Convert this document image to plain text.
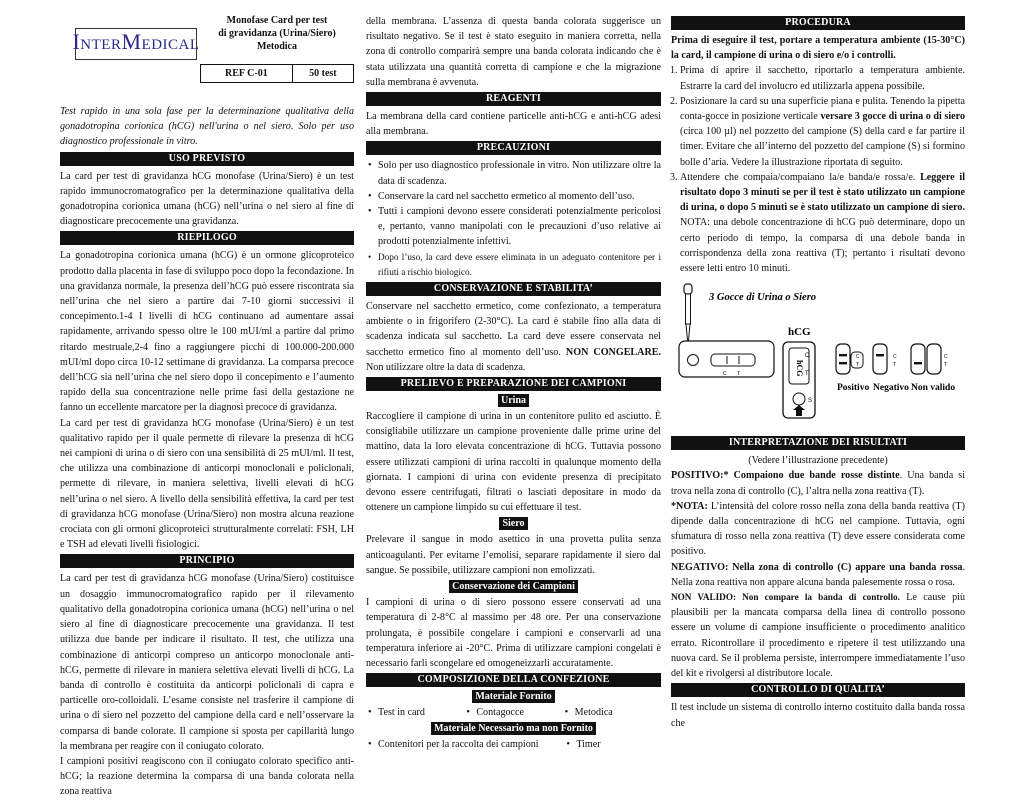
INTERMEDICAL
Monofase Card per test
di gravidanza (Urina/Siero)
Metodica
REF C-01	50 test

Test rapido in una sola fase per la determinazione qualitativa della gonadotropina corionica (hCG) nell'urina o nel siero. Solo per uso diagnostico professionale in vitro.

USO PREVISTO

La card per test di gravidanza hCG monofase (Urina/Siero) è un test rapido immunocromatografico per la determinazione qualitativa della gonadotropina corionica umana (hCG) nell’urina o nel siero al fine di diagnosticare precocemente una gravidanza.

RIEPILOGO

La gonadotropina corionica umana (hCG) è un ormone glicoproteico prodotto dalla placenta in fase di sviluppo poco dopo la fecondazione. In una gravidanza normale, la presenza dell’hCG può essere riscontrata sia nell’urina che nel siero a partire dai 7-10 giorni successivi il concepimento.1-4 I livelli di hCG continuano ad aumentare assai rapidamente, arrivando spesso oltre le 100 mUI/ml a partire dal primo ritardo mestruale,2-4 fino a raggiungere picchi di 100.000-200.000 mUI/ml dopo circa 10-12 settimane di gravidanza. La comparsa precoce dell’hCG sia nell’urina che nel siero dopo il concepimento e l’aumento rapido della sua concentrazione nelle prime fasi della gestazione ne fanno un eccellente marcatore per la diagnosi precoce di gravidanza.

La card per test di gravidanza hCG monofase (Urina/Siero) è un test qualitativo rapido per il quale permette di rilevare la presenza di hCG nei campioni di urina o di siero con una sensibilità di 25 mUI/ml. Il test, che utilizza una combinazione di anticorpi monoclonali e policlonali, permette di rilevare, in maniera selettiva, livelli elevati di hCG nell’urina o nel siero. A livello della sensibilità effettiva, la card per test di gravidanza hCG monofase (Urina/Siero) non mostra alcuna reazione crociata con gli ormoni glicoproteici strutturalmente correlati: FSH, LH e TSH ad elevati livelli fisiologici.

PRINCIPIO

La card per test di gravidanza hCG monofase (Urina/Siero) costituisce un dosaggio immunocromatografico rapido per il rilevamento qualitativo della gonadotropina corionica umana (hCG) nell’urina o nel siero al fine di diagnosticare precocemente una gravidanza. Il test utilizza due bande per indicare il risultato. Il test, che utilizza una combinazione di anticorpi compreso un anticorpo monoclonale anti-hCG, permette di rilevare in maniera selettiva elevati livelli di hCG. La banda di controllo è costituita da anticorpi policlonali di capra e particelle oro-colloidali. L’esame consiste nel trasferire il campione di urina o di siero nel pozzetto del campione della card e nell’osservare la comparsa di bande colorate. Il campione si sposta per capillarità lungo la membrana per reagire con il coniugato colorato.

I campioni positivi reagiscono con il coniugato colorato specifico anti-hCG; la reazione determina la comparsa di una banda colorata nella zona reattiva

della membrana. L’assenza di questa banda colorata suggerisce un risultato negativo. Se il test è stato eseguito in maniera corretta, nella zona di controllo comparirà sempre una banda colorata indicando che è stata utilizzata una quantità corretta di campione e che la migrazione sulla membrana è avvenuta.

REAGENTI

La membrana della card contiene particelle anti-hCG e anti-hCG adesi alla membrana.

PRECAUZIONI
• Solo per uso diagnostico professionale in vitro. Non utilizzare oltre la data di scadenza.
• Conservare la card nel sacchetto ermetico al momento dell’uso.
• Tutti i campioni devono essere considerati potenzialmente pericolosi e, pertanto, vanno manipolati con le precauzioni d’uso relative ai prodotti potenzialmente infettivi.
• Dopo l’uso, la card deve essere eliminata in un adeguato contenitore per i rifiuti a rischio biologico.
CONSERVAZIONE E STABILITA’

Conservare nel sacchetto ermetico, come confezionato, a temperatura ambiente o in frigorifero (2-30°C). La card è stabile fino alla data di scadenza indicata sul sacchetto. La card deve essere conservata nel sacchetto ermetico fino al momento dell’uso. NON CONGELARE. Non utilizzare oltre la data di scadenza.

PRELIEVO E PREPARAZIONE DEI CAMPIONI
Urina

Raccogliere il campione di urina in un contenitore pulito ed asciutto. È consigliabile utilizzare un campione proveniente dalle prime urine del mattino, data la loro elevata concentrazione di hCG. Tuttavia possono essere utilizzati campioni di urina raccolti in qualunque momento della giornata. I campioni di urina con evidente presenza di precipitato devono essere centrifugati, filtrati o lasciati depositare in modo da ottenere un campione limpido su cui effettuare il test.

Siero

Prelevare il sangue in modo asettico in una provetta pulita senza anticoagulanti. Per evitarne l’emolisi, separare rapidamente il siero dal sangue. Se possibile, utilizzare campioni non emolizzati.

Conservazione dei Campioni

I campioni di urina o di siero possono essere conservati ad una temperatura di 2-8°C al massimo per 48 ore. Per una conservazione prolungata, è possibile congelare i campioni e conservarli ad una temperatura inferiore ai -20°C. Prima di utilizzare campioni congelati è necessario farli scongelare ed omogeneizzarli accuratamente.

COMPOSIZIONE DELLA CONFEZIONE
Materiale Fornito
• Test in card	• Contagocce	• Metodica
Materiale Necessario ma non Fornito
• Contenitori per la raccolta dei campioni	• Timer
PROCEDURA

Prima di eseguire il test, portare a temperatura ambiente (15-30°C) la card, il campione di urina o di siero e/o i controlli.

1. Prima di aprire il sacchetto, riportarlo a temperatura ambiente. Estrarre la card del involucro ed utilizzarla appena possibile.
2. Posizionare la card su una superficie piana e pulita. Tenendo la pipetta conta-gocce in posizione verticale versare 3 gocce di urina o di siero (circa 100 µl) nel pozzetto del campione (S) della card e far partire il timer. Evitare che all’interno del pozzetto del campione (S) si formino bolle d’aria. Vedere la illustrazione riportata di seguito.
3. Attendere che compaia/compaiano la/e banda/e rossa/e. Leggere il risultato dopo 3 minuti se per il test è stato utilizzato un campione di urina, o dopo 5 minuti se è stato utilizzato un campione di siero.
NOTA: una debole concentrazione di hCG può determinare, dopo un certo periodo di tempo, la comparsa di una debole banda in corrispondenza della zona reattiva (T); pertanto i risultati devono essere letti entro 10 minuti.
3 Gocce di Urina o Siero
hCG
C T	hCG
C
T
S
C
T
C
T
C
T
Positivo Negativo Non valido
INTERPRETAZIONE DEI RISULTATI

(Vedere l’illustrazione precedente)

POSITIVO:* Compaiono due bande rosse distinte. Una banda si trova nella zona di controllo (C), l’altra nella zona reattiva (T).

*NOTA: L’intensità del colore rosso nella zona della banda reattiva (T) dipende dalla concentrazione di hCG nel campione. Tuttavia, ogni sfumatura di rosso nella zona reattiva (T) deve essere considerata come positivo.

NEGATIVO: Nella zona di controllo (C) appare una banda rossa. Nella zona reattiva non appare alcuna banda palesemente rossa o rosa.

NON VALIDO: Non compare la banda di controllo. Le cause più plausibili per la mancata comparsa della linea di controllo possono essere un volume di campione insufficiente o procedimento analitico errato. Ricontrollare il procedimento e ripetere il test utilizzando una nuova card. Se il problema persiste, interrompere immediatamente l’uso del kit e rivolgersi al distributore locale.

CONTROLLO DI QUALITA’

Il test include un sistema di controllo interno costituito dalla banda rossa che
